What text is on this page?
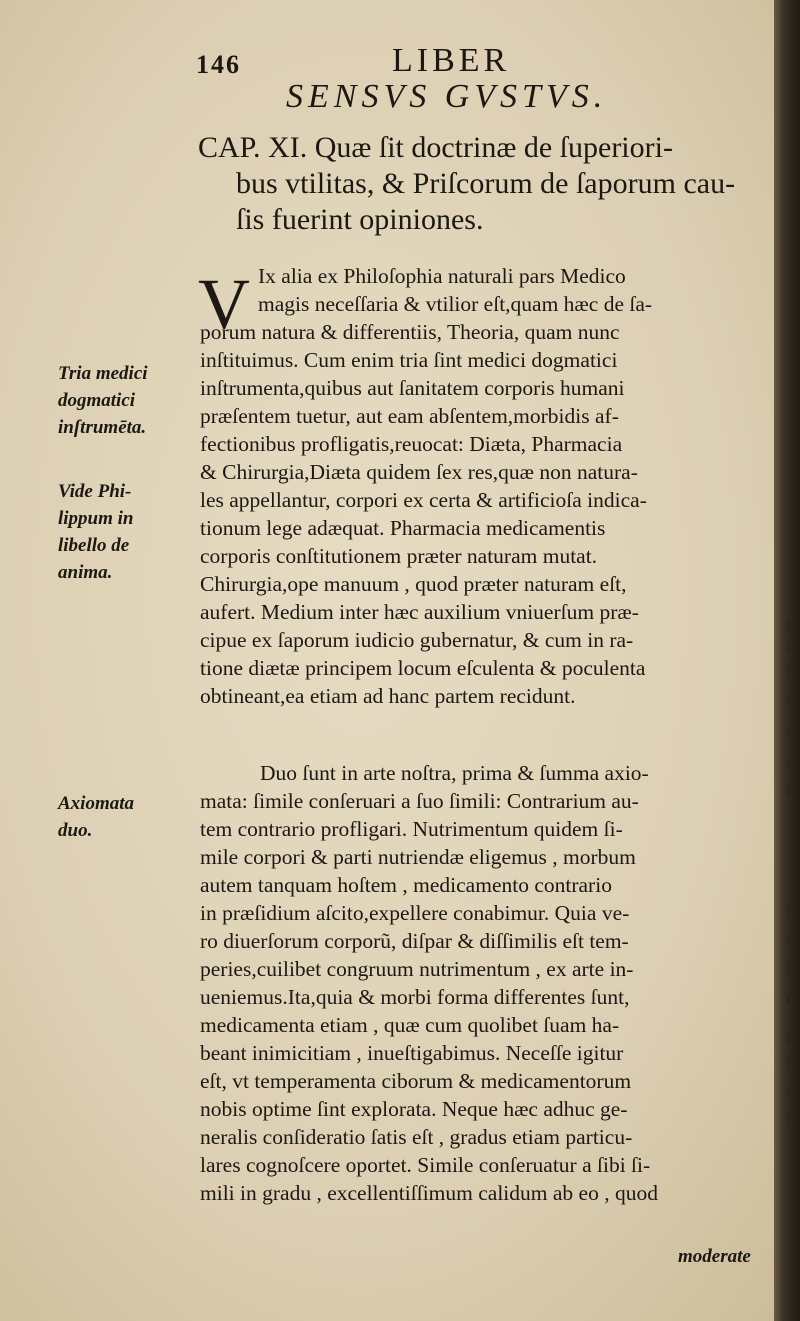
146	LIBER
SENSVS GVSTVS.
CAP. XI. Quæ ſit doctrinæ de ſuperiori-
bus vtilitas, & Priſcorum de ſaporum cau-
ſis fuerint opiniones.
V Ix alia ex Philoſophia naturali pars Medico
magis neceſſaria & vtilior eſt,quam hæc de ſa-
porum natura & differentiis, Theoria, quam nunc
inſtituimus. Cum enim tria ſint medici dogmatici
inſtrumenta,quibus aut ſanitatem corporis humani
præſentem tuetur, aut eam abſentem,morbidis af-
fectionibus profligatis,reuocat: Diæta, Pharmacia
& Chirurgia,Diæta quidem ſex res,quæ non natura-
les appellantur, corpori ex certa & artificioſa indica-
tionum lege adæquat. Pharmacia medicamentis
corporis conſtitutionem præter naturam mutat.
Chirurgia,ope manuum , quod præter naturam eſt,
aufert. Medium inter hæc auxilium vniuerſum præ-
cipue ex ſaporum iudicio gubernatur, & cum in ra-
tione diætæ principem locum eſculenta & poculenta
obtineant,ea etiam ad hanc partem recidunt.
Duo ſunt in arte noſtra, prima & ſumma axio-
mata: ſimile conſeruari a ſuo ſimili: Contrarium au-
tem contrario profligari. Nutrimentum quidem ſi-
mile corpori & parti nutriendæ eligemus , morbum
autem tanquam hoſtem , medicamento contrario
in præſidium aſcito,expellere conabimur. Quia ve-
ro diuerſorum corporũ, diſpar & diſſimilis eſt tem-
peries,cuilibet congruum nutrimentum , ex arte in-
ueniemus.Ita,quia & morbi forma differentes ſunt,
medicamenta etiam , quæ cum quolibet ſuam ha-
beant inimicitiam , inueſtigabimus. Neceſſe igitur
eſt, vt temperamenta ciborum & medicamentorum
nobis optime ſint explorata. Neque hæc adhuc ge-
neralis conſideratio ſatis eſt , gradus etiam particu-
lares cognoſcere oportet. Simile conſeruatur a ſibi ſi-
mili in gradu , excellentiſſimum calidum ab eo , quod
Tria medici
dogmatici
inſtrumēta.
Vide Phi-
lippum in
libello de
anima.
Axiomata
duo.
moderate
t
e
c
a
t
c
n
ſ
d
g
C
F
t
r
t
